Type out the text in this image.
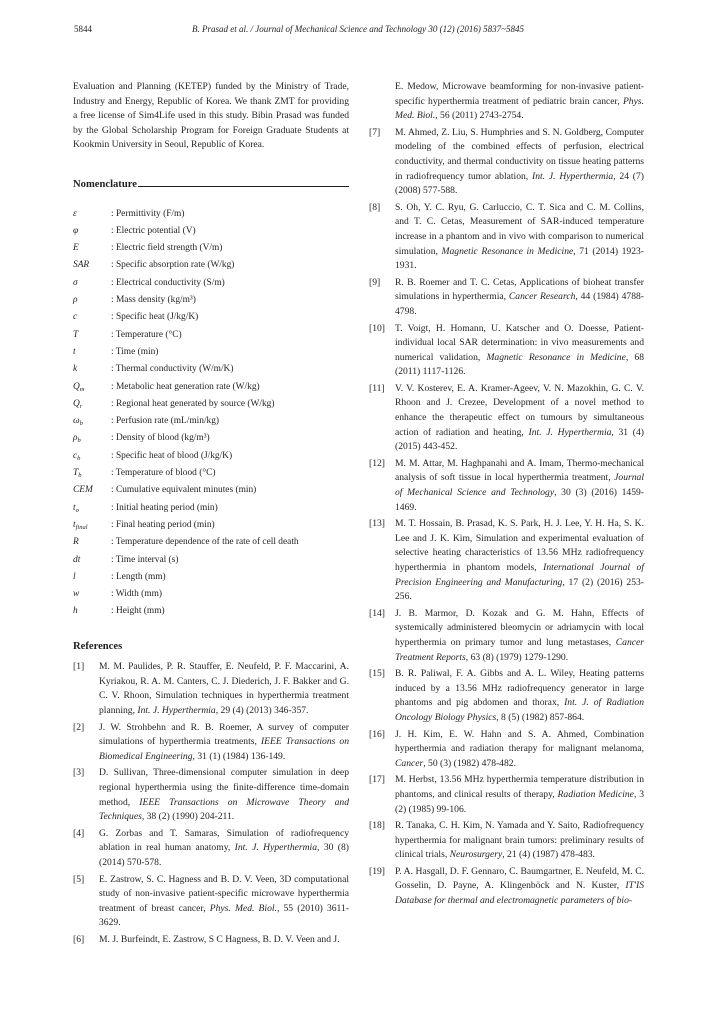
5844	B. Prasad et al. / Journal of Mechanical Science and Technology 30 (12) (2016) 5837~5845

Evaluation and Planning (KETEP) funded by the Ministry of Trade, Industry and Energy, Republic of Korea. We thank ZMT for providing a free license of Sim4Life used in this study. Bibin Prasad was funded by the Global Scholarship Program for Foreign Graduate Students at Kookmin University in Seoul, Republic of Korea.

Nomenclature
ε	: Permittivity (F/m)
φ	: Electric potential (V)
E	: Electric field strength (V/m)
SAR	: Specific absorption rate (W/kg)
σ	: Electrical conductivity (S/m)
ρ	: Mass density (kg/m³)
c	: Specific heat (J/kg/K)
T	: Temperature (°C)
t	: Time (min)
k	: Thermal conductivity (W/m/K)
$Q_m$	: Metabolic heat generation rate (W/kg)
$Q_r$	: Regional heat generated by source (W/kg)
$\omega_b$	: Perfusion rate (mL/min/kg)
$\rho_b$	: Density of blood (kg/m³)
$c_b$	: Specific heat of blood (J/kg/K)
$T_b$	: Temperature of blood (°C)
CEM	: Cumulative equivalent minutes (min)
$t_o$	: Initial heating period (min)
$t_{final}$	: Final heating period (min)
R	: Temperature dependence of the rate of cell death
dt	: Time interval (s)
l	: Length (mm)
w	: Width (mm)
h	: Height (mm)
References
[1]	M. M. Paulides, P. R. Stauffer, E. Neufeld, P. F. Maccarini, A. Kyriakou, R. A. M. Canters, C. J. Diederich, J. F. Bakker and G. C. V. Rhoon, Simulation techniques in hyperthermia treatment planning, Int. J. Hyperthermia, 29 (4) (2013) 346-357.
[2]	J. W. Strohbehn and R. B. Roemer, A survey of computer simulations of hyperthermia treatments, IEEE Transactions on Biomedical Engineering, 31 (1) (1984) 136-149.
[3]	D. Sullivan, Three-dimensional computer simulation in deep regional hyperthermia using the finite-difference time-domain method, IEEE Transactions on Microwave Theory and Techniques, 38 (2) (1990) 204-211.
[4]	G. Zorbas and T. Samaras, Simulation of radiofrequency ablation in real human anatomy, Int. J. Hyperthermia, 30 (8) (2014) 570-578.
[5]	E. Zastrow, S. C. Hagness and B. D. V. Veen, 3D computational study of non-invasive patient-specific microwave hyperthermia treatment of breast cancer, Phys. Med. Biol., 55 (2010) 3611-3629.
[6]	M. J. Burfeindt, E. Zastrow, S C Hagness, B. D. V. Veen and J.
E. Medow, Microwave beamforming for non-invasive patient-specific hyperthermia treatment of pediatric brain cancer, Phys. Med. Biol., 56 (2011) 2743-2754.
[7]	M. Ahmed, Z. Liu, S. Humphries and S. N. Goldberg, Computer modeling of the combined effects of perfusion, electrical conductivity, and thermal conductivity on tissue heating patterns in radiofrequency tumor ablation, Int. J. Hyperthermia, 24 (7) (2008) 577-588.
[8]	S. Oh, Y. C. Ryu, G. Carluccio, C. T. Sica and C. M. Collins, and T. C. Cetas, Measurement of SAR-induced temperature increase in a phantom and in vivo with comparison to numerical simulation, Magnetic Resonance in Medicine, 71 (2014) 1923-1931.
[9]	R. B. Roemer and T. C. Cetas, Applications of bioheat transfer simulations in hyperthermia, Cancer Research, 44 (1984) 4788-4798.
[10]	T. Voigt, H. Homann, U. Katscher and O. Doesse, Patient-individual local SAR determination: in vivo measurements and numerical validation, Magnetic Resonance in Medicine, 68 (2011) 1117-1126.
[11]	V. V. Kosterev, E. A. Kramer-Ageev, V. N. Mazokhin, G. C. V. Rhoon and J. Crezee, Development of a novel method to enhance the therapeutic effect on tumours by simultaneous action of radiation and heating, Int. J. Hyperthermia, 31 (4) (2015) 443-452.
[12]	M. M. Attar, M. Haghpanahi and A. Imam, Thermo-mechanical analysis of soft tissue in local hyperthermia treatment, Journal of Mechanical Science and Technology, 30 (3) (2016) 1459-1469.
[13]	M. T. Hossain, B. Prasad, K. S. Park, H. J. Lee, Y. H. Ha, S. K. Lee and J. K. Kim, Simulation and experimental evaluation of selective heating characteristics of 13.56 MHz radiofrequency hyperthermia in phantom models, International Journal of Precision Engineering and Manufacturing, 17 (2) (2016) 253-256.
[14]	J. B. Marmor, D. Kozak and G. M. Hahn, Effects of systemically administered bleomycin or adriamycin with local hyperthermia on primary tumor and lung metastases, Cancer Treatment Reports, 63 (8) (1979) 1279-1290.
[15]	B. R. Paliwal, F. A. Gibbs and A. L. Wiley, Heating patterns induced by a 13.56 MHz radiofrequency generator in large phantoms and pig abdomen and thorax, Int. J. of Radiation Oncology Biology Physics, 8 (5) (1982) 857-864.
[16]	J. H. Kim, E. W. Hahn and S. A. Ahmed, Combination hyperthermia and radiation therapy for malignant melanoma, Cancer, 50 (3) (1982) 478-482.
[17]	M. Herbst, 13.56 MHz hyperthermia temperature distribution in phantoms, and clinical results of therapy, Radiation Medicine, 3 (2) (1985) 99-106.
[18]	R. Tanaka, C. H. Kim, N. Yamada and Y. Saito, Radiofrequency hyperthermia for malignant brain tumors: preliminary results of clinical trials, Neurosurgery, 21 (4) (1987) 478-483.
[19]	P. A. Hasgall, D. F. Gennaro, C. Baumgartner, E. Neufeld, M. C. Gosselin, D. Payne, A. Klingenböck and N. Kuster, IT'IS Database for thermal and electromagnetic parameters of bio-
